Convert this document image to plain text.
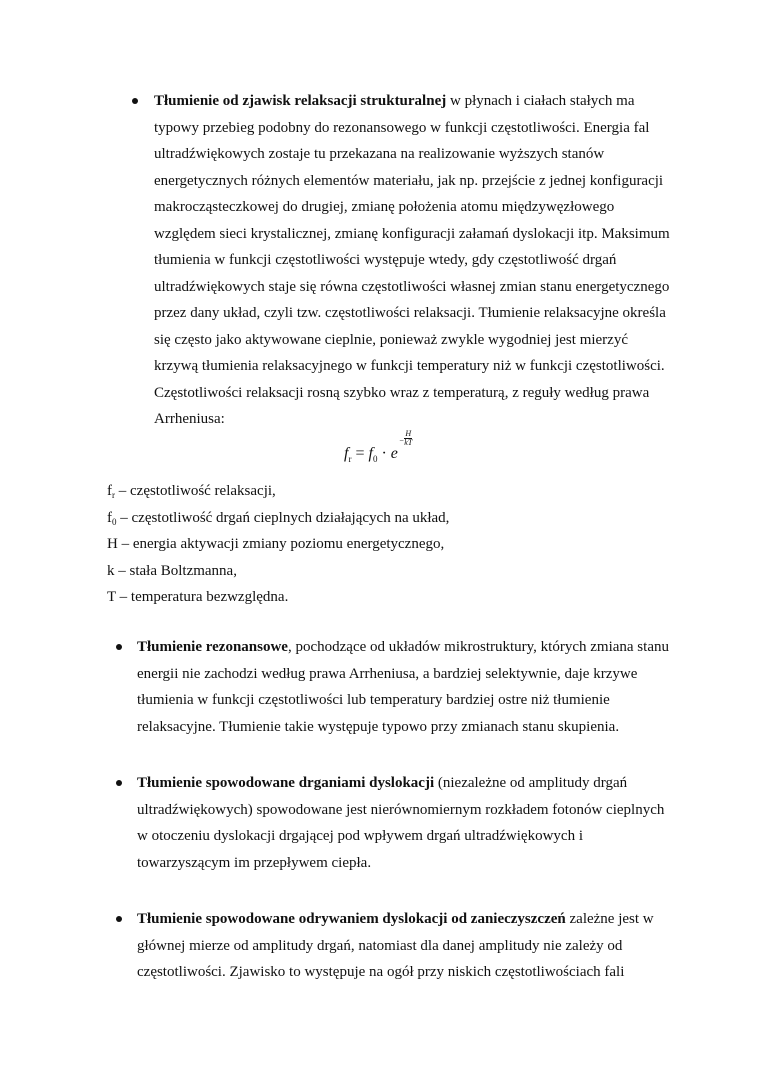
Tłumienie od zjawisk relaksacji strukturalnej w płynach i ciałach stałych ma typowy przebieg podobny do rezonansowego w funkcji częstotliwości. Energia fal ultradźwiękowych zostaje tu przekazana na realizowanie wyższych stanów energetycznych różnych elementów materiału, jak np. przejście z jednej konfiguracji makrocząsteczkowej do drugiej, zmianę położenia atomu międzywęzłowego względem sieci krystalicznej, zmianę konfiguracji załamań dyslokacji itp. Maksimum tłumienia w funkcji częstotliwości występuje wtedy, gdy częstotliwość drgań ultradźwiękowych staje się równa częstotliwości własnej zmian stanu energetycznego przez dany układ, czyli tzw. częstotliwości relaksacji. Tłumienie relaksacyjne określa się często jako aktywowane cieplnie, ponieważ zwykle wygodniej jest mierzyć krzywą tłumienia relaksacyjnego w funkcji temperatury niż w funkcji częstotliwości. Częstotliwości relaksacji rosną szybko wraz z temperaturą, z reguły według prawa Arrheniusa:
$f_r = f_0 \cdot e- \frac{H}{kT}$
$f_r$ – częstotliwość relaksacji,
$f_0$ – częstotliwość drgań cieplnych działających na układ,
H – energia aktywacji zmiany poziomu energetycznego,
k – stała Boltzmanna,
T – temperatura bezwzględna.
Tłumienie rezonansowe, pochodzące od układów mikrostruktury, których zmiana stanu energii nie zachodzi według prawa Arrheniusa, a bardziej selektywnie, daje krzywe tłumienia w funkcji częstotliwości lub temperatury bardziej ostre niż tłumienie relaksacyjne. Tłumienie takie występuje typowo przy zmianach stanu skupienia.
Tłumienie spowodowane drganiami dyslokacji (niezależne od amplitudy drgań ultradźwiękowych) spowodowane jest nierównomiernym rozkładem fotonów cieplnych w otoczeniu dyslokacji drgającej pod wpływem drgań ultradźwiękowych i towarzyszącym im przepływem ciepła.
Tłumienie spowodowane odrywaniem dyslokacji od zanieczyszczeń zależne jest w głównej mierze od amplitudy drgań, natomiast dla danej amplitudy nie zależy od częstotliwości. Zjawisko to występuje na ogół przy niskich częstotliwościach fali
